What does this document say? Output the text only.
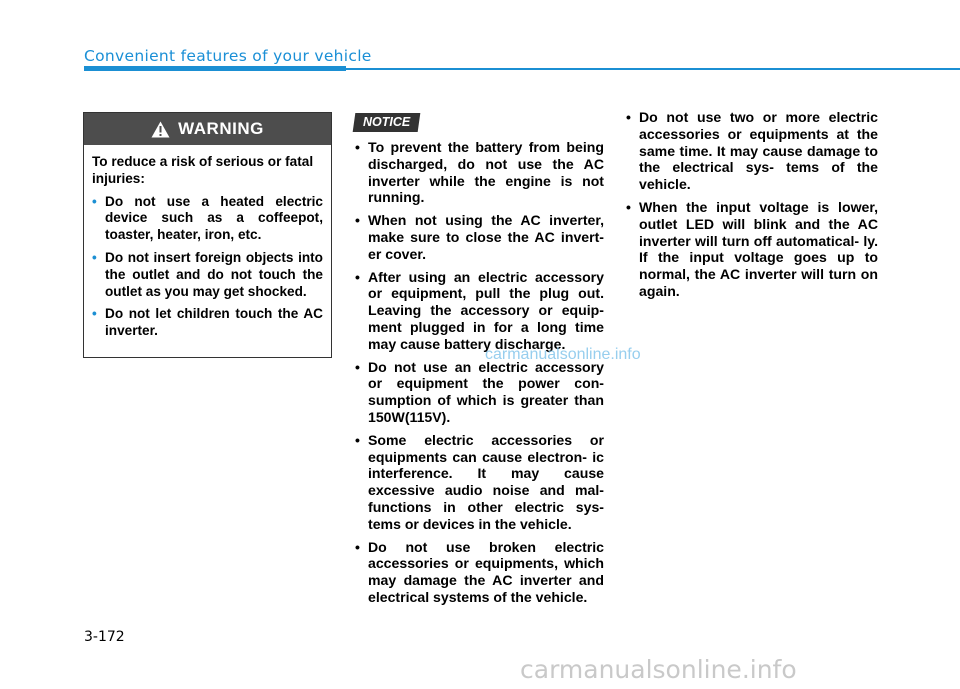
Convenient features of your vehicle
WARNING
To reduce a risk of serious or fatal injuries:
• Do not use a heated electric device such as a coffeepot, toaster, heater, iron, etc.
• Do not insert foreign objects into the outlet and do not touch the outlet as you may get shocked.
• Do not let children touch the AC inverter.
NOTICE
• To prevent the battery from being discharged, do not use the AC inverter while the engine is not running.
• When not using the AC inverter, make sure to close the AC invert- er cover.
• After using an electric accessory or equipment, pull the plug out. Leaving the accessory or equip- ment plugged in for a long time may cause battery discharge.
• Do not use an electric accessory or equipment the power con- sumption of which is greater than 150W(115V).
• Some electric accessories or equipments can cause electron- ic interference. It may cause excessive audio noise and mal- functions in other electric sys- tems or devices in the vehicle.
• Do not use broken electric accessories or equipments, which may damage the AC inverter and electrical systems of the vehicle.
• Do not use two or more electric accessories or equipments at the same time. It may cause damage to the electrical sys- tems of the vehicle.
• When the input voltage is lower, outlet LED will blink and the AC inverter will turn off automatical- ly. If the input voltage goes up to normal, the AC inverter will turn on again.
carmanualsonline.info
3-172
carmanualsonline.info
